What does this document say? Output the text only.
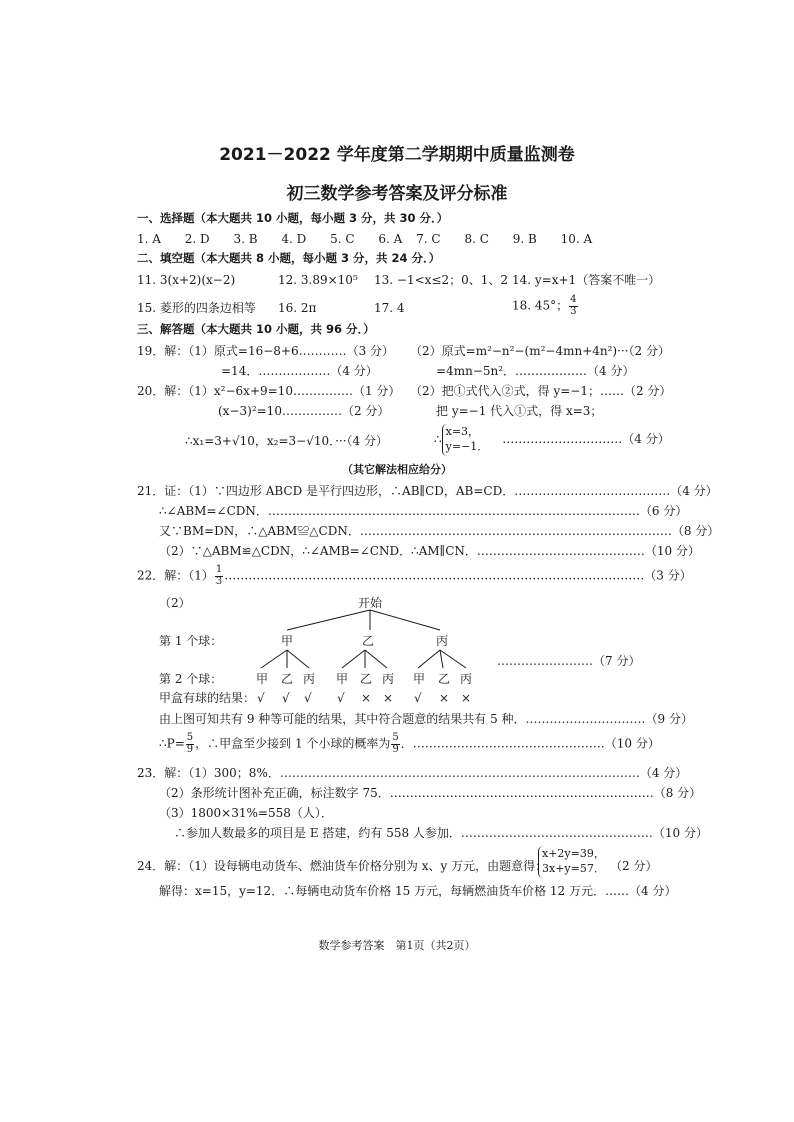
2021－2022 学年度第二学期期中质量监测卷
初三数学参考答案及评分标准
一、选择题（本大题共 10 小题，每小题 3 分，共 30 分．）
1. A 2. D 3. B 4. D 5. C 6. A 7. C 8. C 9. B 10. A
二、填空题（本大题共 8 小题，每小题 3 分，共 24 分．）
11. 3(x+2)(x−2)	12. 3.89×10⁵ 13. −1<x≤2；0、1、2 14. y=x+1（答案不唯一）
15. 菱形的四条边相等 16. 2π	17. 4	18. 45°； $\frac{4}{3}$
三、解答题（本大题共 10 小题，共 96 分．）
19．解：（1）原式=16−8+6…………（3 分） （2）原式=m²−n²−(m²−4mn+4n²)···（2 分）
=14．………………（4 分）	=4mn−5n²．………………（4 分）
20．解：（1）x²−6x+9=10……………（1 分） （2）把①式代入②式，得 y=−1；……（2 分）
(x−3)²=10……………（2 分）	把 y=−1 代入①式，得 x=3；
∴x₁=3+√10，x₂=3−√10．···（4 分）	∴
x=3，
y=−1． …………………………（4 分）
（其它解法相应给分）
21．证：（1）∵四边形 ABCD 是平行四边形，∴AB∥CD，AB=CD．…………………………………（4 分）
∴∠ABM=∠CDN．…………………………………………………………………………………（6 分）
又∵BM=DN，∴△ABM≌△CDN．……………………………………………………………………（8 分）
（2）∵△ABM≌△CDN，∴∠AMB=∠CND．∴AM∥CN．……………………………………（10 分）
22．解：$(1) \frac{1}{3}$ ……………………………………………………………………………………………（3 分）
（2）	开始
第 1 个球：	甲	乙	丙
……………………（7 分）
第 2 个球：	甲 乙 丙 甲 乙 丙 甲 乙 丙
甲盒有球的结果： √ √ √ √ × × √ × ×
由上图可知共有 9 种等可能的结果，其中符合题意的结果共有 5 种．…………………………（9 分）
∴P= $\frac{5}{9}$ ，∴甲盒至少接到 1 个小球的概率为 $\frac{5}{9}$ ．…………………………………………（10 分）
23．解：（1）300；8%．………………………………………………………………………………（4 分）
（2）条形统计图补充正确，标注数字 75．…………………………………………………………（8 分）
（3）1800×31%=558（人）．
∴参加人数最多的项目是 E 搭建，约有 558 人参加．…………………………………………（10 分）
24．解：（1）设每辆电动货车、燃油货车价格分别为 x、y 万元，由题意得：
x+2y=39，
3x+y=57． （2 分）
解得：x=15，y=12．∴每辆电动货车价格 15 万元，每辆燃油货车价格 12 万元．……（4 分）
数学参考答案　第1页（共2页）
